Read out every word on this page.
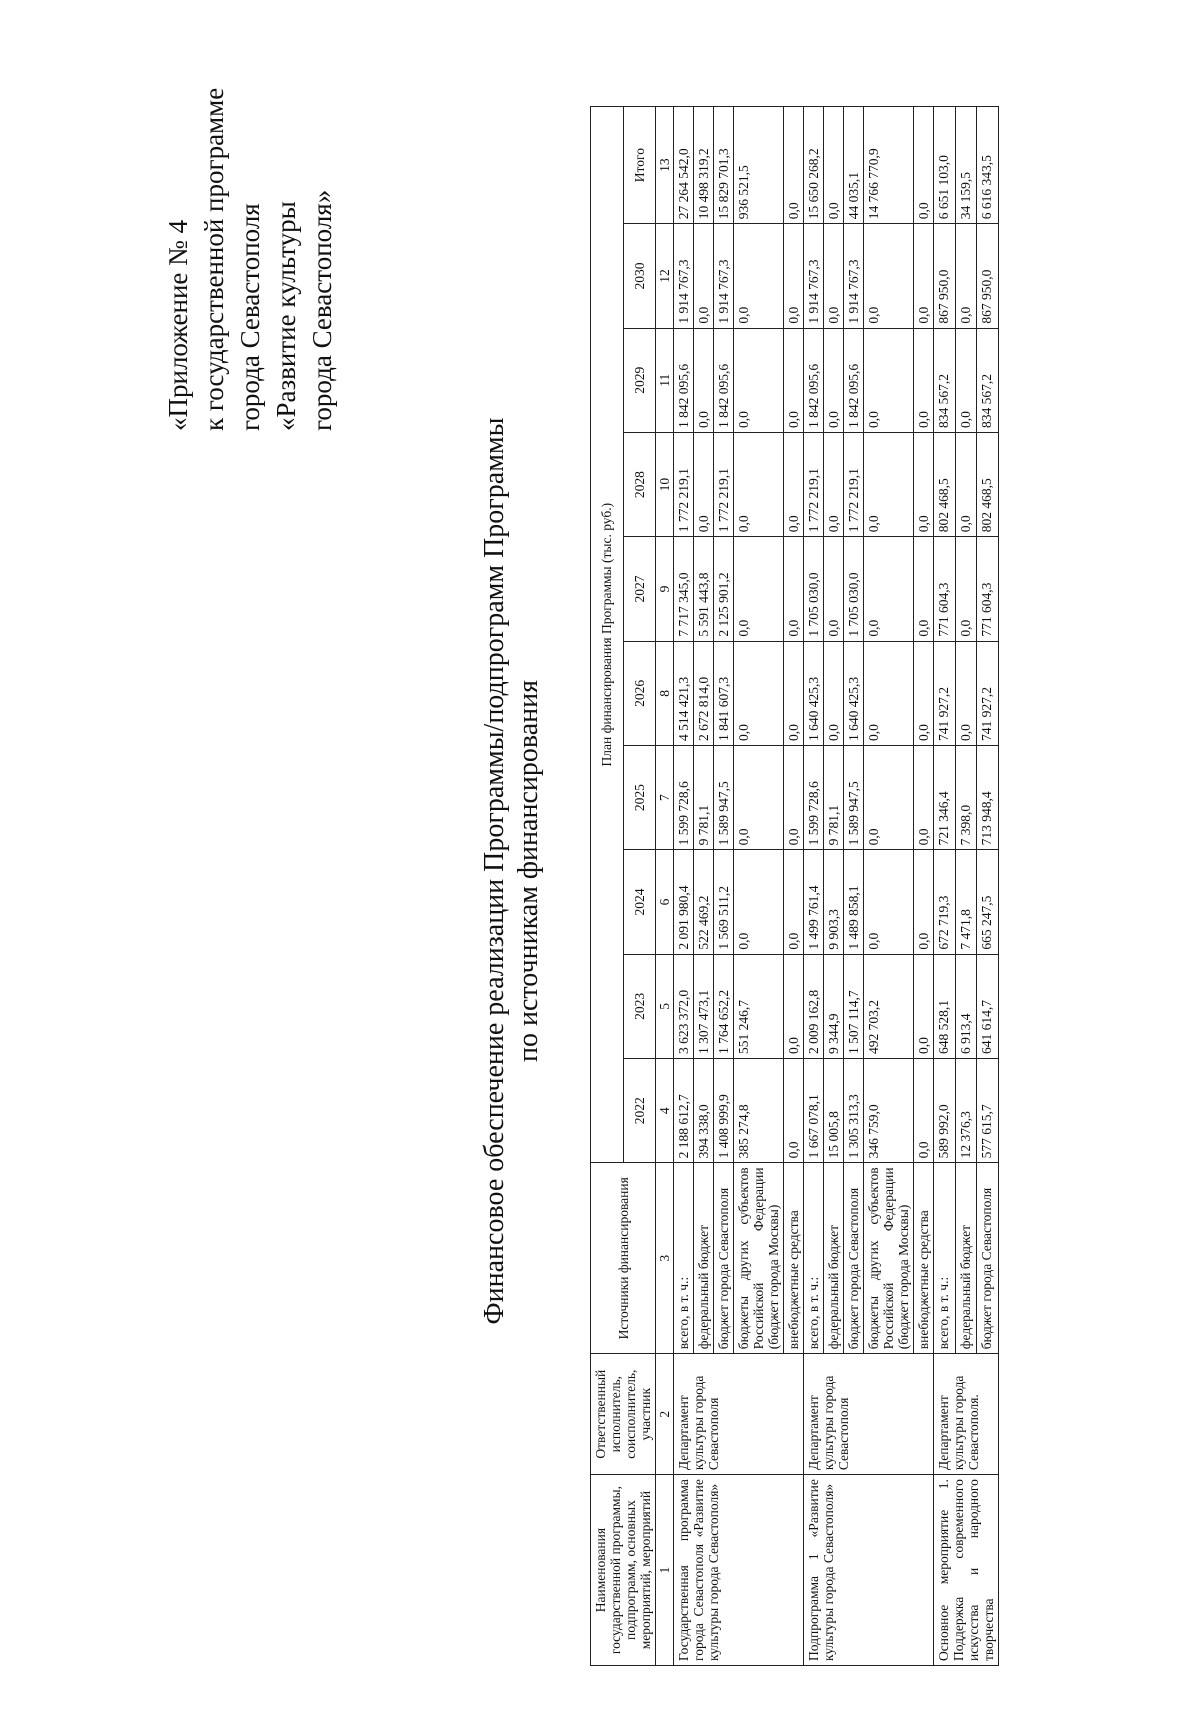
«Приложение № 4 к государственной программе города Севастополя «Развитие культуры города Севастополя»
Финансовое обеспечение реализации Программы/подпрограмм Программы по источникам финансирования
Наименования государственной программы, подпрограмм, основных мероприятий, мероприятий	Ответственный исполнитель, соисполнитель, участник	Источники финансирования	План финансирования Программы (тыс. руб.)									
			2022	2023	2024	2025	2026	2027	2028	2029	2030	Итого
1	2	3	4	5	6	7	8	9	10	11	12	13
Государственная программа города Севастополя «Развитие культуры города Севастополя»	Департамент культуры города Севастополя	всего, в т. ч.:	2 188 612,7	3 623 372,0	2 091 980,4	1 599 728,6	4 514 421,3	7 717 345,0	1 772 219,1	1 842 095,6	1 914 767,3	27 264 542,0
		федеральный бюджет	394 338,0	1 307 473,1	522 469,2	9 781,1	2 672 814,0	5 591 443,8	0,0	0,0	0,0	10 498 319,2
		бюджет города Севастополя	1 408 999,9	1 764 652,2	1 569 511,2	1 589 947,5	1 841 607,3	2 125 901,2	1 772 219,1	1 842 095,6	1 914 767,3	15 829 701,3
		бюджеты других субъектов Российской Федерации (бюджет города Москвы)	385 274,8	551 246,7	0,0	0,0	0,0	0,0	0,0	0,0	0,0	936 521,5
		внебюджетные средства	0,0	0,0	0,0	0,0	0,0	0,0	0,0	0,0	0,0	0,0
Подпрограмма 1 «Развитие культуры города Севастополя»	Департамент культуры города Севастополя	всего, в т. ч.:	1 667 078,1	2 009 162,8	1 499 761,4	1 599 728,6	1 640 425,3	1 705 030,0	1 772 219,1	1 842 095,6	1 914 767,3	15 650 268,2
		федеральный бюджет	15 005,8	9 344,9	9 903,3	9 781,1	0,0	0,0	0,0	0,0	0,0	0,0
		бюджет города Севастополя	1 305 313,3	1 507 114,7	1 489 858,1	1 589 947,5	1 640 425,3	1 705 030,0	1 772 219,1	1 842 095,6	1 914 767,3	44 035,1
		бюджеты других субъектов Российской Федерации (бюджет города Москвы)	346 759,0	492 703,2	0,0	0,0	0,0	0,0	0,0	0,0	0,0	14 766 770,9
		внебюджетные средства	0,0	0,0	0,0	0,0	0,0	0,0	0,0	0,0	0,0	0,0
Основное мероприятие 1. Поддержка современного искусства и народного творчества	Департамент культуры города Севастополя.	всего, в т. ч.:	589 992,0	648 528,1	672 719,3	721 346,4	741 927,2	771 604,3	802 468,5	834 567,2	867 950,0	6 651 103,0
		федеральный бюджет	12 376,3	6 913,4	7 471,8	7 398,0	0,0	0,0	0,0	0,0	0,0	34 159,5
		бюджет города Севастополя	577 615,7	641 614,7	665 247,5	713 948,4	741 927,2	771 604,3	802 468,5	834 567,2	867 950,0	6 616 343,5
